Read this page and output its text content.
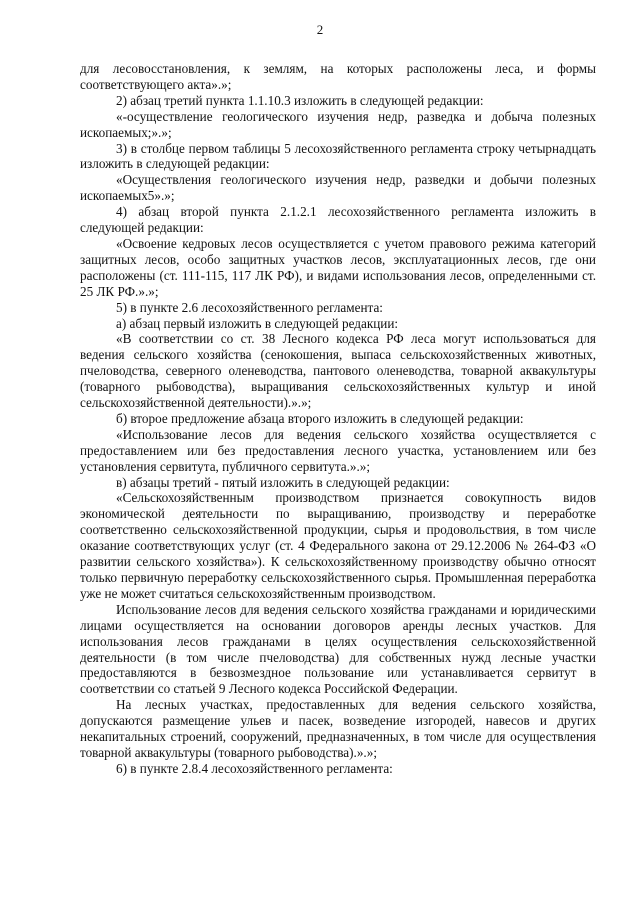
2

для лесовосстановления, к землям, на которых расположены леса, и формы соответствующего акта».»;

2) абзац третий пункта 1.1.10.3 изложить в следующей редакции:

«-осуществление геологического изучения недр, разведка и добыча полезных ископаемых;».»;

3) в столбце первом таблицы 5 лесохозяйственного регламента строку четырнадцать изложить в следующей редакции:

«Осуществления геологического изучения недр, разведки и добычи полезных ископаемых5».»;

4) абзац второй пункта 2.1.2.1 лесохозяйственного регламента изложить в следующей редакции:

«Освоение кедровых лесов осуществляется с учетом правового режима категорий защитных лесов, особо защитных участков лесов, эксплуатационных лесов, где они расположены (ст. 111-115, 117 ЛК РФ), и видами использования лесов, определенными ст. 25 ЛК РФ.».»;

5) в пункте 2.6 лесохозяйственного регламента:

а) абзац первый изложить в следующей редакции:

«В соответствии со ст. 38 Лесного кодекса РФ леса могут использоваться для ведения сельского хозяйства (сенокошения, выпаса сельскохозяйственных животных, пчеловодства, северного оленеводства, пантового оленеводства, товарной аквакультуры (товарного рыбоводства), выращивания сельскохозяйственных культур и иной сельскохозяйственной деятельности).».»;

б) второе предложение абзаца второго изложить в следующей редакции:

«Использование лесов для ведения сельского хозяйства осуществляется с предоставлением или без предоставления лесного участка, установлением или без установления сервитута, публичного сервитута.».»;

в) абзацы третий - пятый изложить в следующей редакции:

«Сельскохозяйственным производством признается совокупность видов экономической деятельности по выращиванию, производству и переработке соответственно сельскохозяйственной продукции, сырья и продовольствия, в том числе оказание соответствующих услуг (ст. 4 Федерального закона от 29.12.2006 № 264-ФЗ «О развитии сельского хозяйства»). К сельскохозяйственному производству обычно относят только первичную переработку сельскохозяйственного сырья. Промышленная переработка уже не может считаться сельскохозяйственным производством.

Использование лесов для ведения сельского хозяйства гражданами и юридическими лицами осуществляется на основании договоров аренды лесных участков. Для использования лесов гражданами в целях осуществления сельскохозяйственной деятельности (в том числе пчеловодства) для собственных нужд лесные участки предоставляются в безвозмездное пользование или устанавливается сервитут в соответствии со статьей 9 Лесного кодекса Российской Федерации.

На лесных участках, предоставленных для ведения сельского хозяйства, допускаются размещение ульев и пасек, возведение изгородей, навесов и других некапитальных строений, сооружений, предназначенных, в том числе для осуществления товарной аквакультуры (товарного рыбоводства).».»;

6) в пункте 2.8.4 лесохозяйственного регламента:
